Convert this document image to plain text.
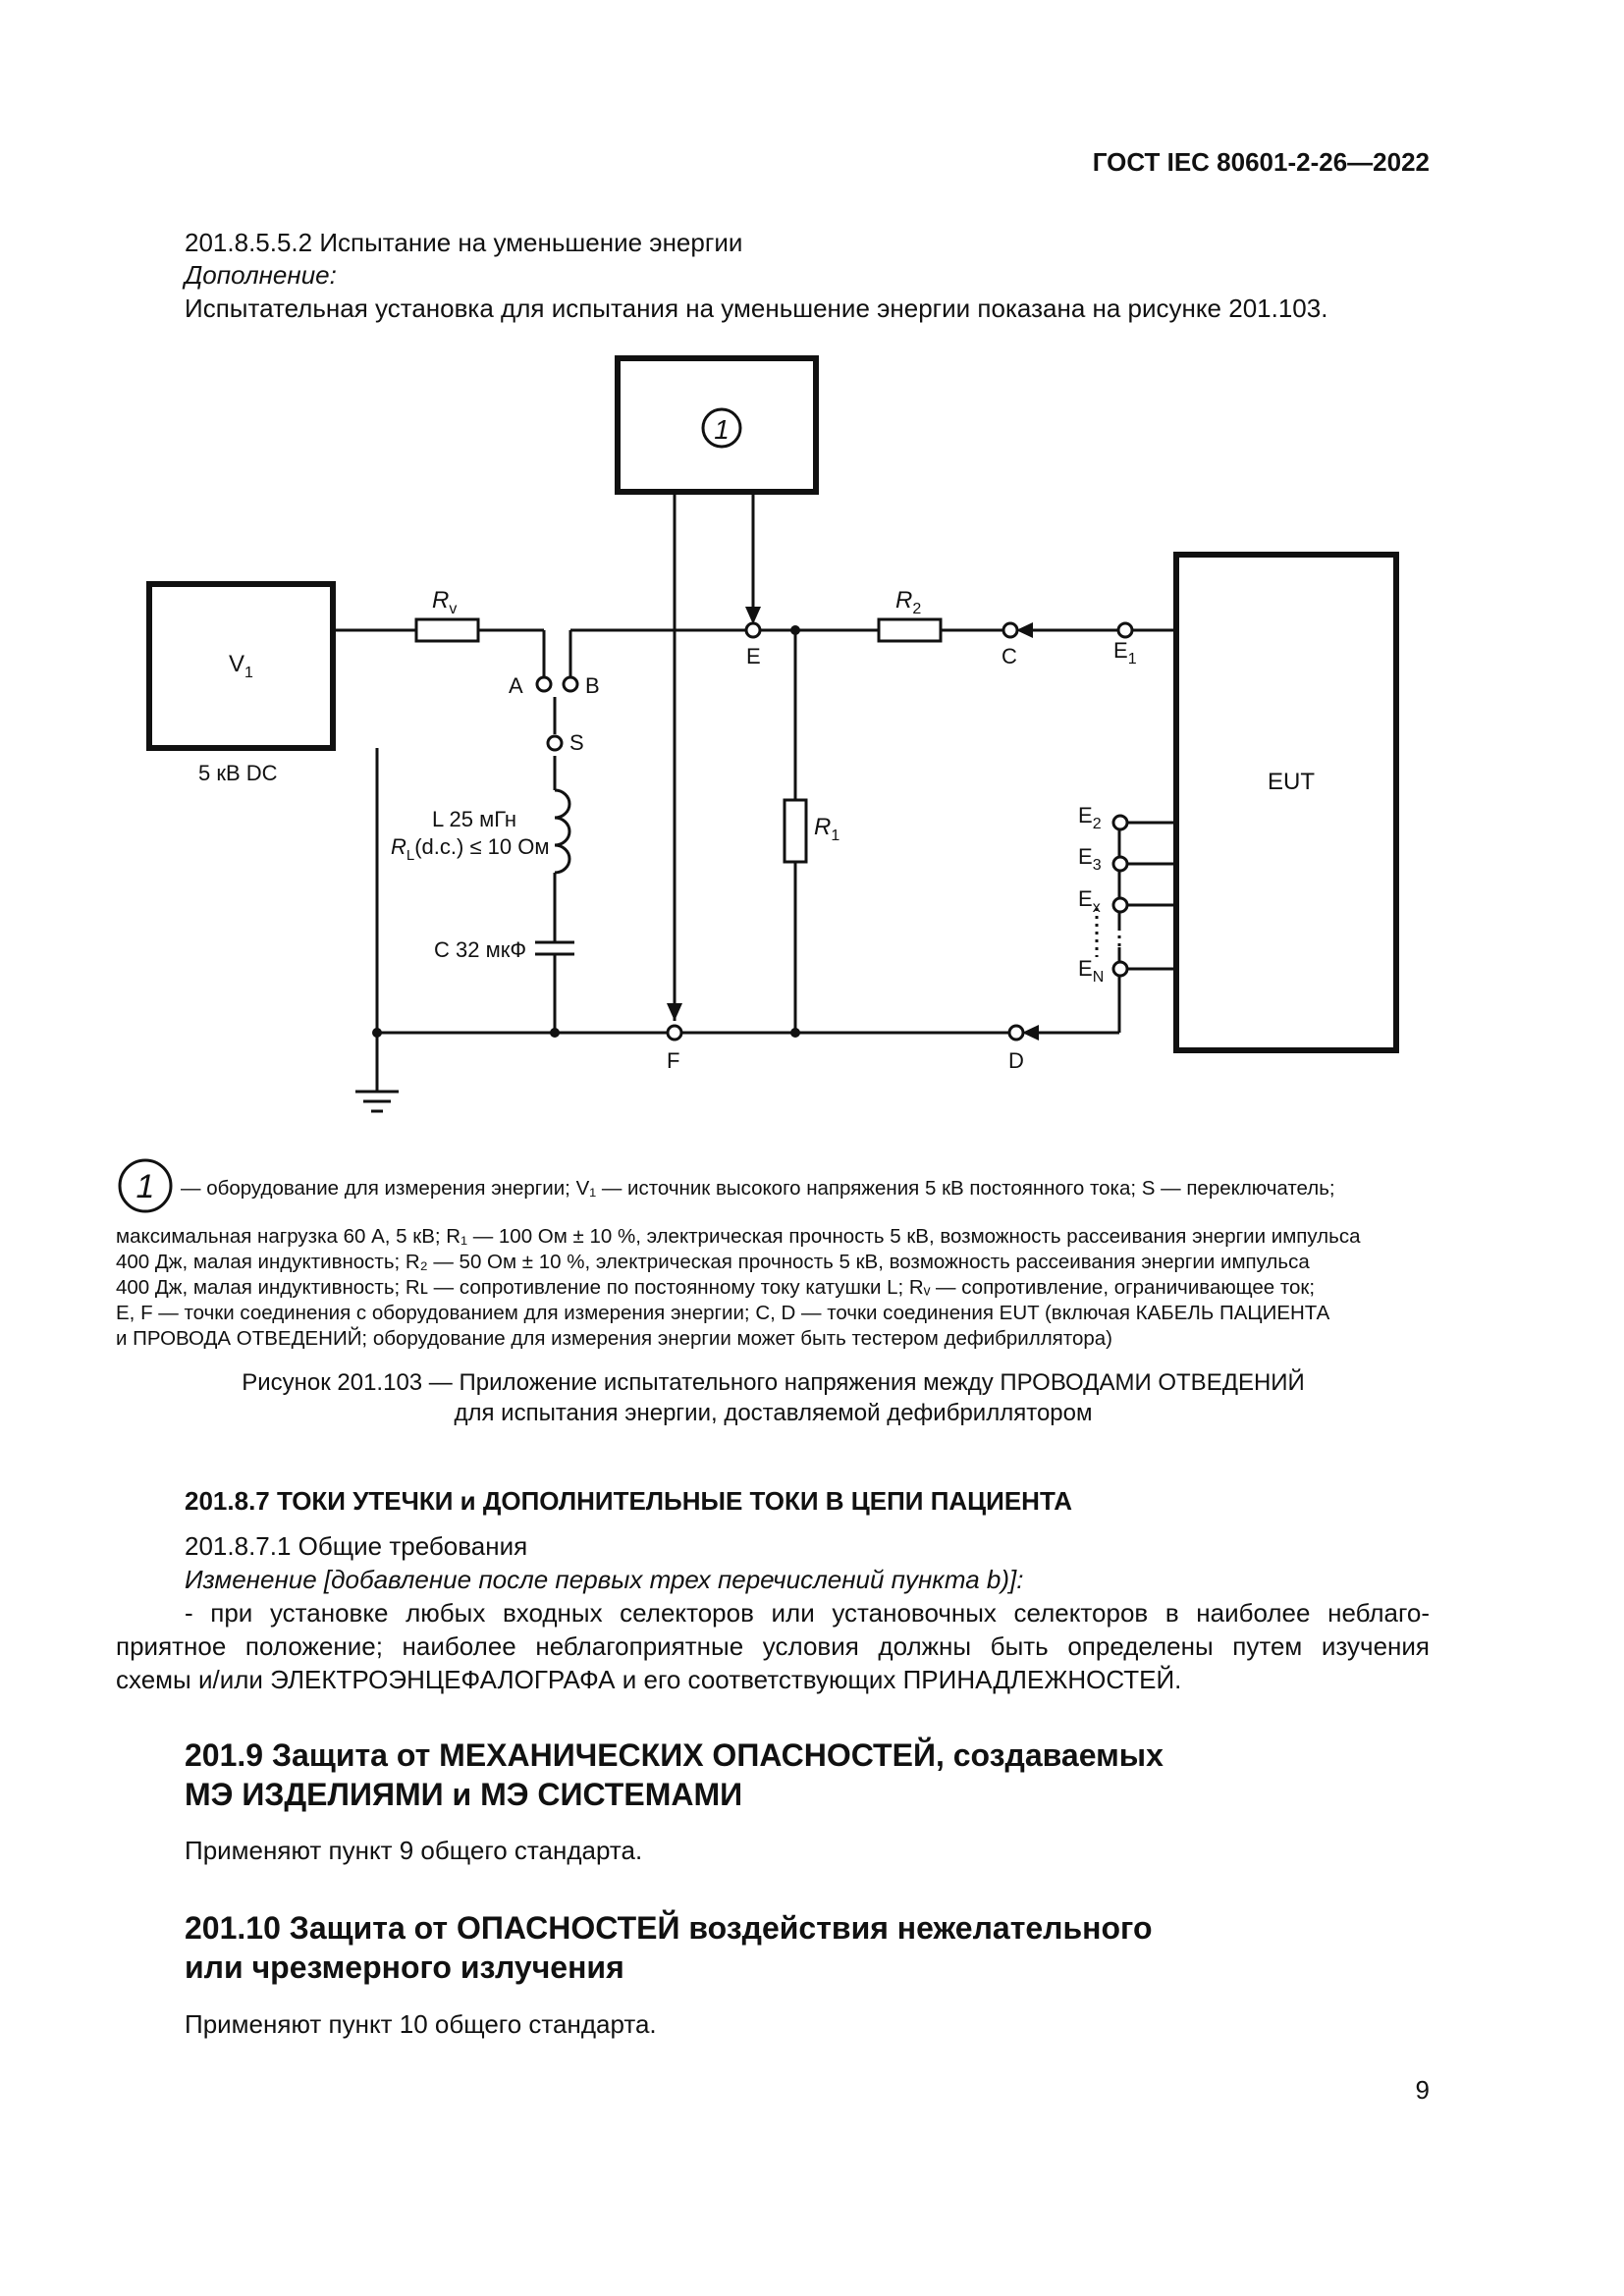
ГОСТ IEC 80601-2-26—2022
201.8.5.5.2 Испытание на уменьшение энергии
Дополнение:
Испытательная установка для испытания на уменьшение энергии показана на рисунке 201.103.
1
$V_1$
5 кВ DC
$R_v$	$R_2$
$R_1$
A	B
S
E	C
F	D
$E_1$
$E_2$
$E_3$
$E_x$
$E_N$
EUT
L 25 мГн
$R_L(d.c.) \le 10$ Ом
С 32 мкФ
1 — оборудование для измерения энергии; V₁ — источник высокого напряжения 5 кВ постоянного тока; S — переключатель;
максимальная нагрузка 60 А, 5 кВ; R₁ — 100 Ом ± 10 %, электрическая прочность 5 кВ, возможность рассеивания энергии импульса
400 Дж, малая индуктивность; R₂ — 50 Ом ± 10 %, электрическая прочность 5 кВ, возможность рассеивания энергии импульса
400 Дж, малая индуктивность; Rʟ — сопротивление по постоянному току катушки L; Rᵥ — сопротивление, ограничивающее ток;
E, F — точки соединения с оборудованием для измерения энергии; C, D — точки соединения EUT (включая КАБЕЛЬ ПАЦИЕНТА
и ПРОВОДА ОТВЕДЕНИЙ; оборудование для измерения энергии может быть тестером дефибриллятора)
Рисунок 201.103 — Приложение испытательного напряжения между ПРОВОДАМИ ОТВЕДЕНИЙ
для испытания энергии, доставляемой дефибриллятором
201.8.7 ТОКИ УТЕЧКИ и ДОПОЛНИТЕЛЬНЫЕ ТОКИ В ЦЕПИ ПАЦИЕНТА
201.8.7.1 Общие требования
Изменение [добавление после первых трех перечислений пункта b)]:
- при установке любых входных селекторов или установочных селекторов в наиболее неблаго-
приятное положение; наиболее неблагоприятные условия должны быть определены путем изучения
схемы и/или ЭЛЕКТРОЭНЦЕФАЛОГРАФА и его соответствующих ПРИНАДЛЕЖНОСТЕЙ.
201.9 Защита от МЕХАНИЧЕСКИХ ОПАСНОСТЕЙ, создаваемых
МЭ ИЗДЕЛИЯМИ и МЭ СИСТЕМАМИ
Применяют пункт 9 общего стандарта.
201.10 Защита от ОПАСНОСТЕЙ воздействия нежелательного
или чрезмерного излучения
Применяют пункт 10 общего стандарта.
9
